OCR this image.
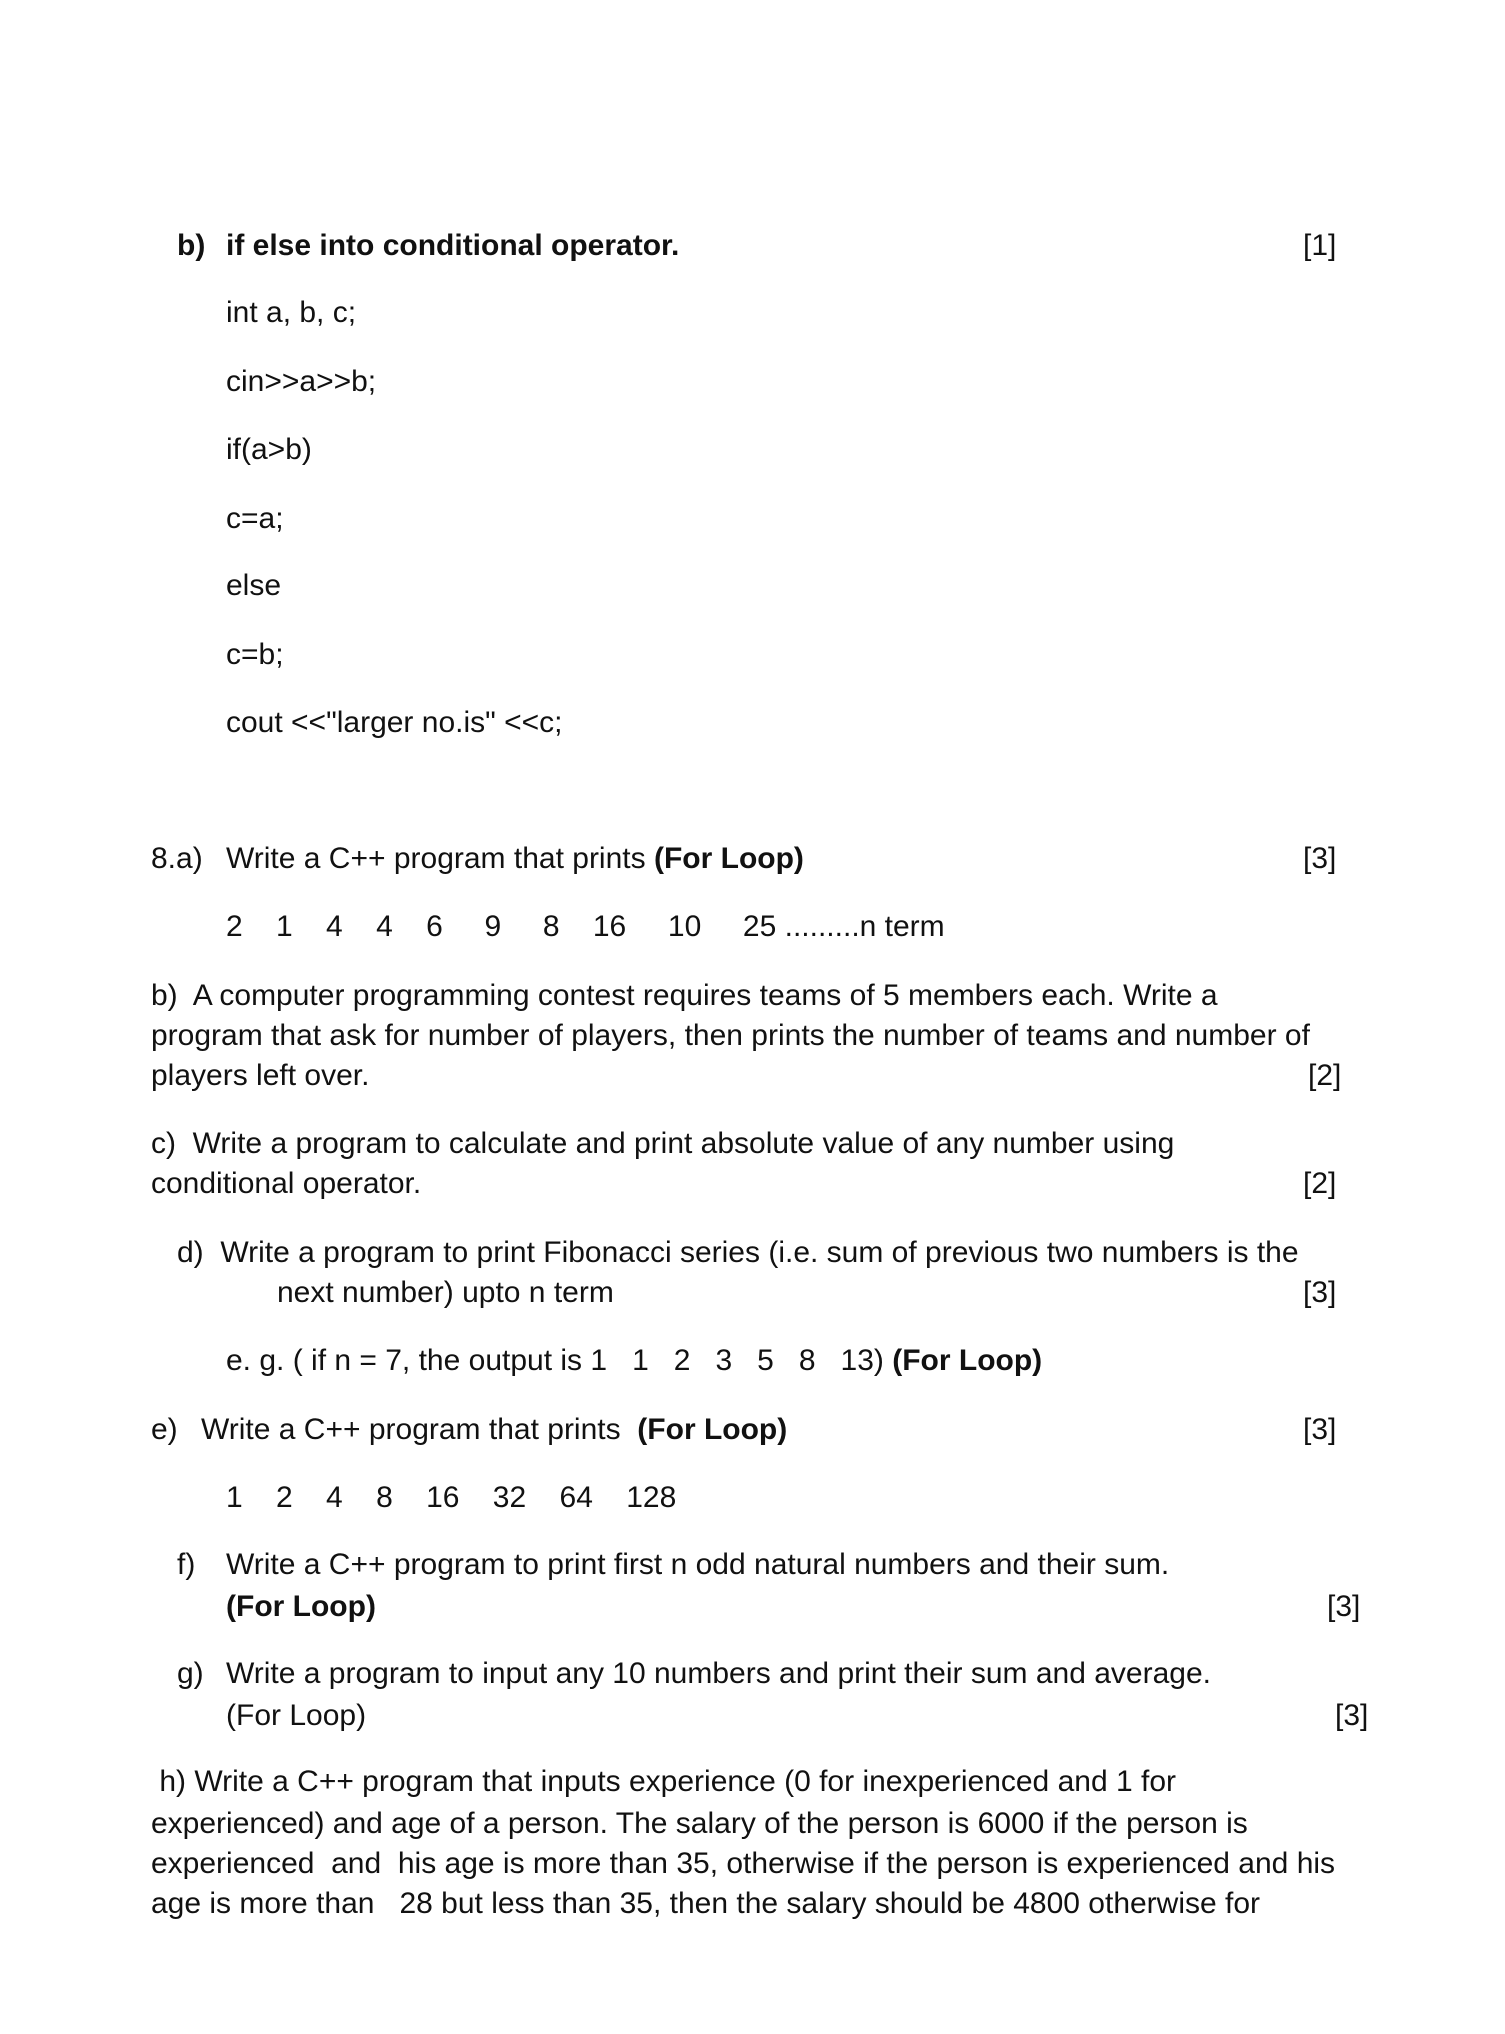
b) if else into conditional operator.	[1]
int a, b, c;
cin>>a>>b;
if(a>b)
c=a;
else
c=b;
cout <<"larger no.is" <<c;
8.a) Write a C++ program that prints (For Loop)	[3]
2    1    4    4    6     9     8    16     10     25 .........n term
b)  A computer programming contest requires teams of 5 members each. Write a
program that ask for number of players, then prints the number of teams and number of
players left over.	[2]
c)  Write a program to calculate and print absolute value of any number using
conditional operator.	[2]
d)  Write a program to print Fibonacci series (i.e. sum of previous two numbers is the
next number) upto n term	[3]
e. g. ( if n = 7, the output is 1   1   2   3   5   8   13) (For Loop)
e) Write a C++ program that prints  (For Loop)	[3]
1    2    4    8    16    32    64    128
f) Write a C++ program to print first n odd natural numbers and their sum.
(For Loop)	[3]
g) Write a program to input any 10 numbers and print their sum and average.
(For Loop)	[3]
h) Write a C++ program that inputs experience (0 for inexperienced and 1 for
experienced) and age of a person. The salary of the person is 6000 if the person is
experienced  and  his age is more than 35, otherwise if the person is experienced and his
age is more than   28 but less than 35, then the salary should be 4800 otherwise for
